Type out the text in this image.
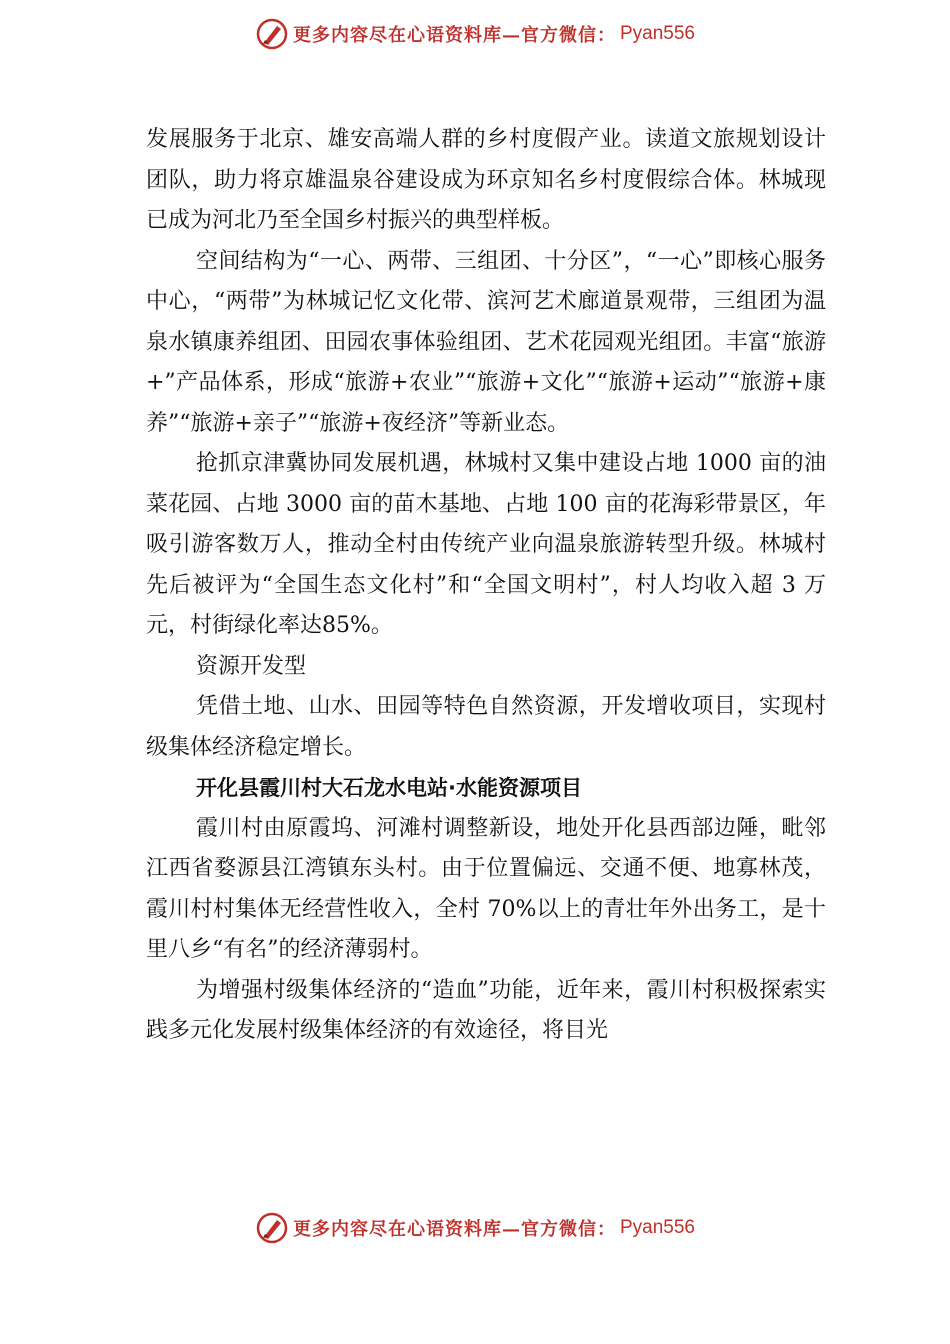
更多内容尽在心语资料库—官方微信： Pyan556

发展服务于北京、雄安高端人群的乡村度假产业。读道文旅规划设计团队，助力将京雄温泉谷建设成为环京知名乡村度假综合体。林城现已成为河北乃至全国乡村振兴的典型样板。

空间结构为“一心、两带、三组团、十分区”，“一心”即核心服务中心，“两带”为林城记忆文化带、滨河艺术廊道景观带，三组团为温泉水镇康养组团、田园农事体验组团、艺术花园观光组团。丰富“旅游+”产品体系，形成“旅游+农业”“旅游+文化”“旅游+运动”“旅游+康养”“旅游+亲子”“旅游+夜经济”等新业态。

抢抓京津冀协同发展机遇，林城村又集中建设占地 1000 亩的油菜花园、占地 3000 亩的苗木基地、占地 100 亩的花海彩带景区，年吸引游客数万人，推动全村由传统产业向温泉旅游转型升级。林城村先后被评为“全国生态文化村”和“全国文明村”，村人均收入超 3 万元，村街绿化率达85%。

资源开发型

凭借土地、山水、田园等特色自然资源，开发增收项目，实现村级集体经济稳定增长。

开化县霞川村大石龙水电站·水能资源项目

霞川村由原霞坞、河滩村调整新设，地处开化县西部边陲，毗邻江西省婺源县江湾镇东头村。由于位置偏远、交通不便、地寡林茂，霞川村村集体无经营性收入，全村 70%以上的青壮年外出务工，是十里八乡“有名”的经济薄弱村。

为增强村级集体经济的“造血”功能，近年来，霞川村积极探索实践多元化发展村级集体经济的有效途径，将目光

更多内容尽在心语资料库—官方微信： Pyan556
